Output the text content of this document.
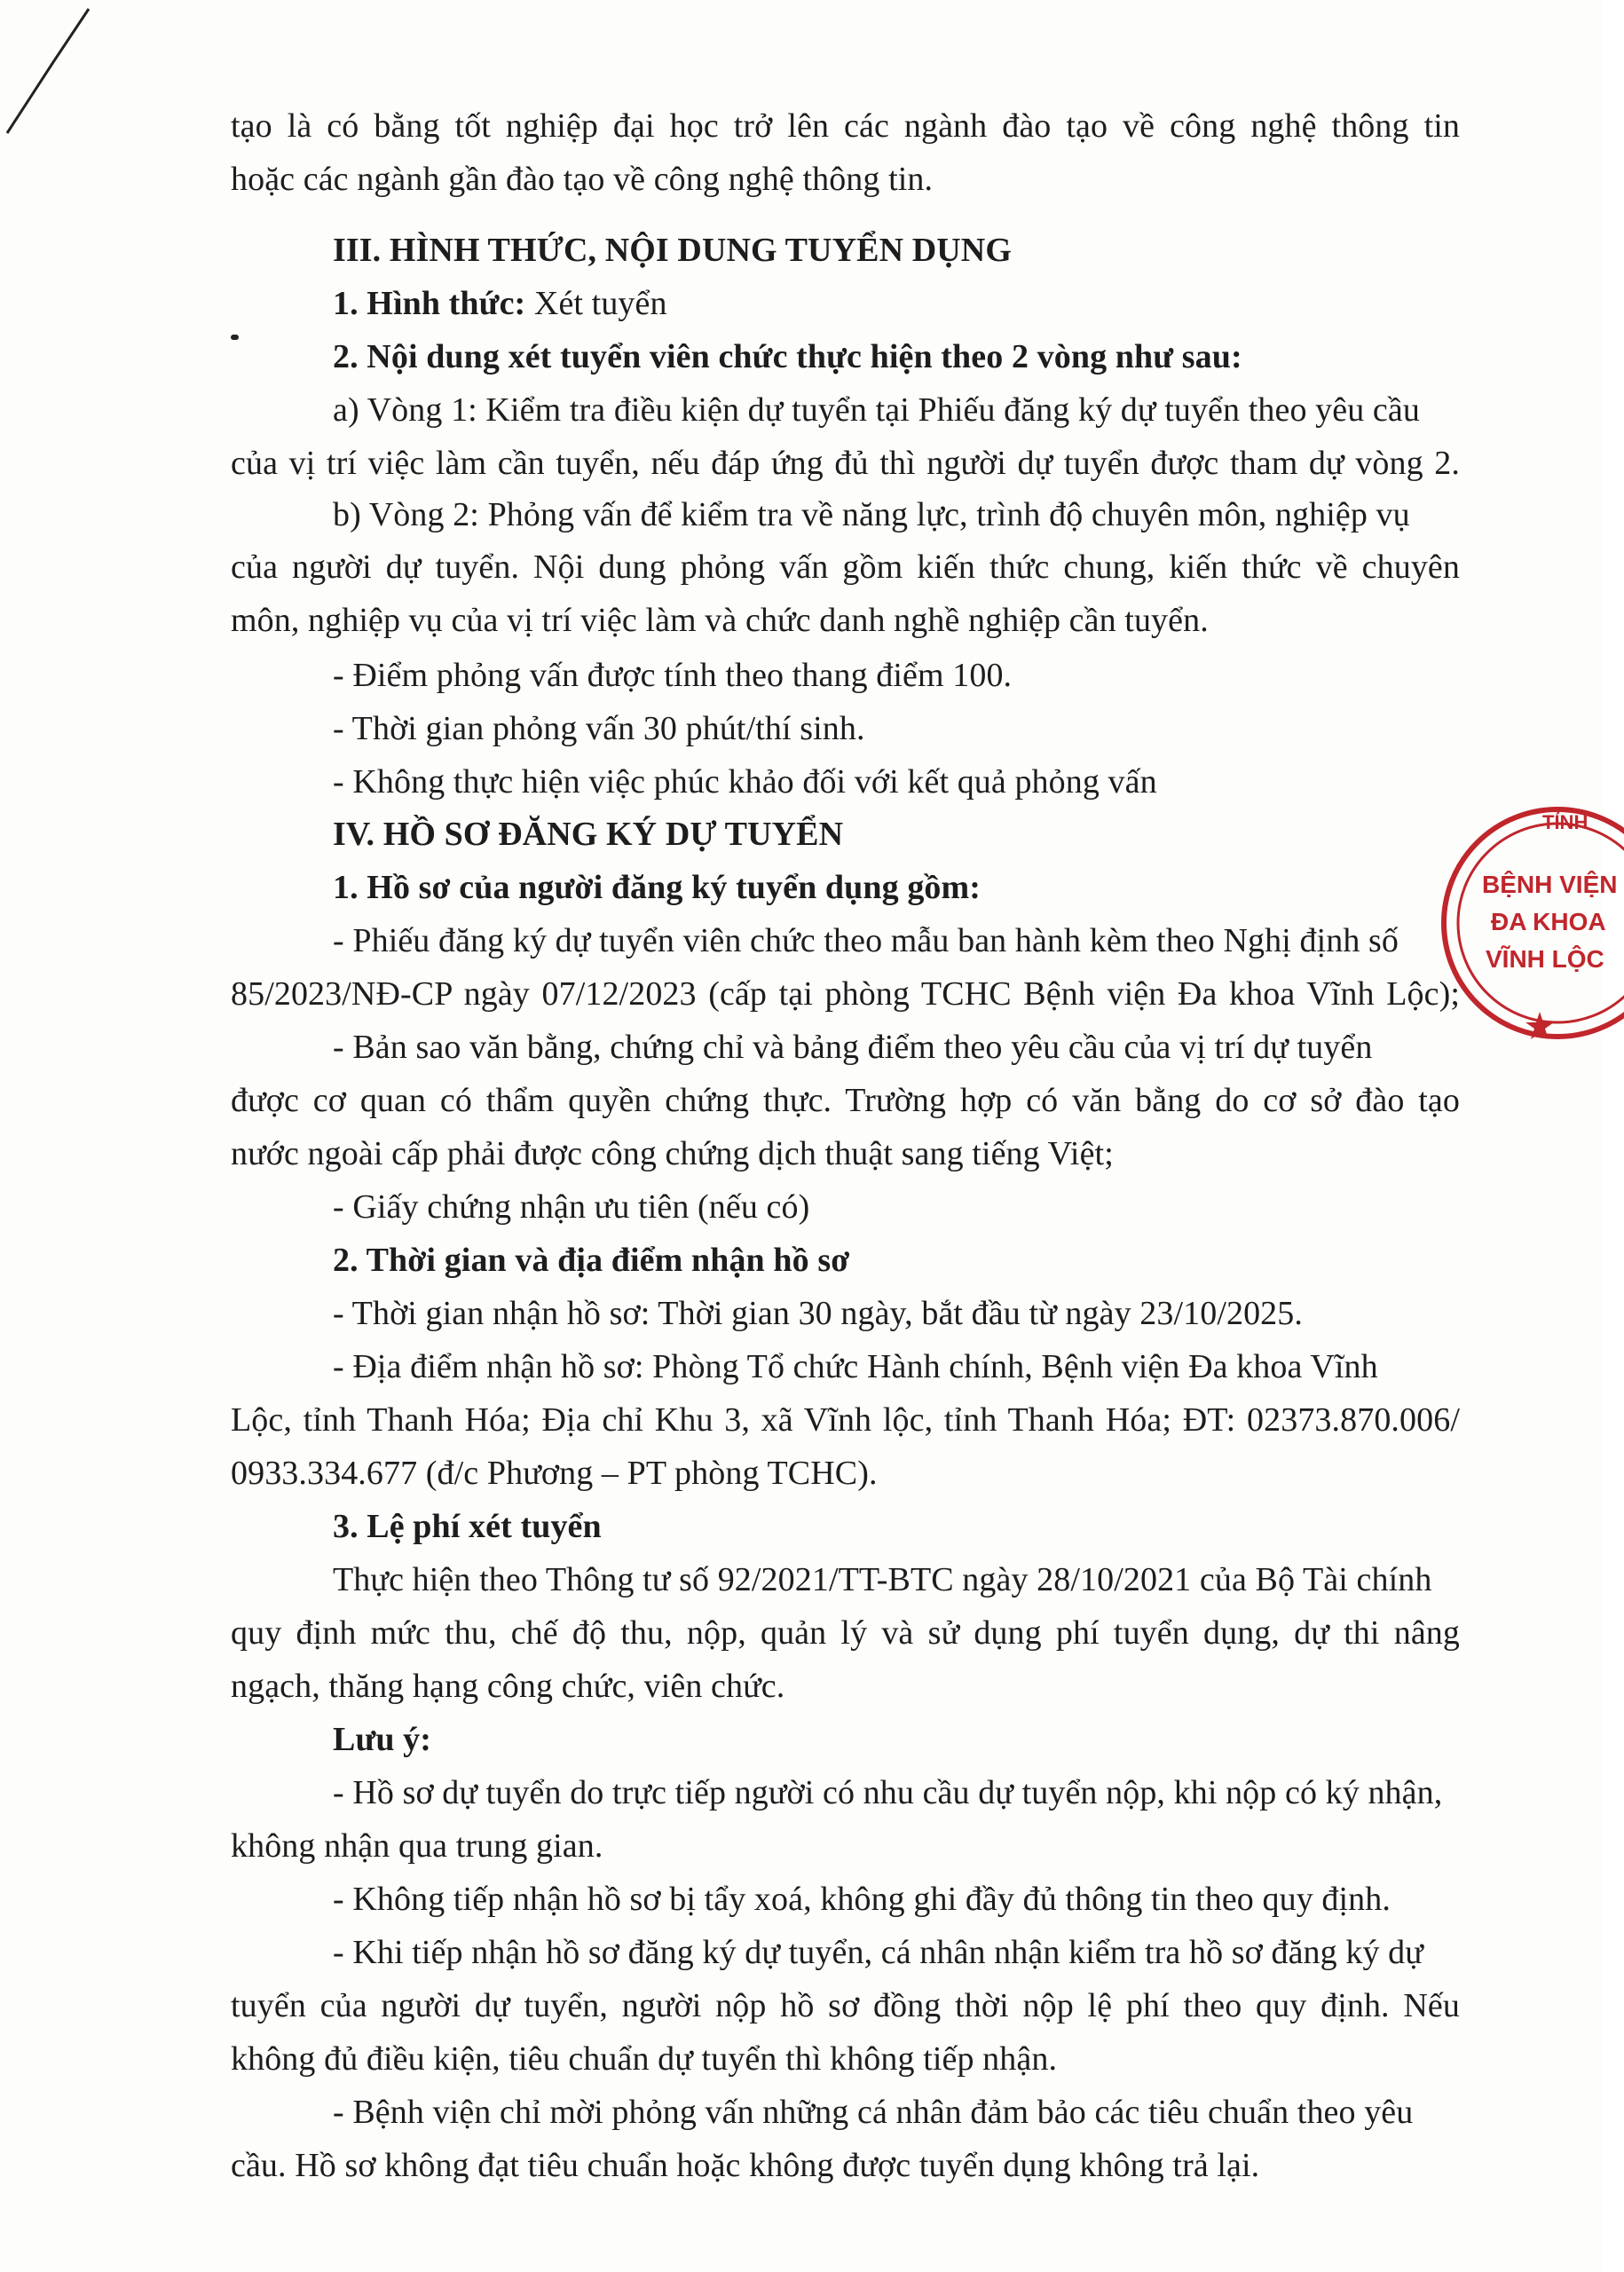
tạo là có bằng tốt nghiệp đại học trở lên các ngành đào tạo về công nghệ thông tin
hoặc các ngành gần đào tạo về công nghệ thông tin.
III. HÌNH THỨC, NỘI DUNG TUYỂN DỤNG
1. Hình thức: Xét tuyển
2. Nội dung xét tuyển viên chức thực hiện theo 2 vòng như sau:
a) Vòng 1: Kiểm tra điều kiện dự tuyển tại Phiếu đăng ký dự tuyển theo yêu cầu
của vị trí việc làm cần tuyển, nếu đáp ứng đủ thì người dự tuyển được tham dự vòng 2.
b) Vòng 2: Phỏng vấn để kiểm tra về năng lực, trình độ chuyên môn, nghiệp vụ
của người dự tuyển. Nội dung phỏng vấn gồm kiến thức chung, kiến thức về chuyên
môn, nghiệp vụ của vị trí việc làm và chức danh nghề nghiệp cần tuyển.
- Điểm phỏng vấn được tính theo thang điểm 100.
- Thời gian phỏng vấn 30 phút/thí sinh.
- Không thực hiện việc phúc khảo đối với kết quả phỏng vấn
IV. HỒ SƠ ĐĂNG KÝ DỰ TUYỂN
1. Hồ sơ của người đăng ký tuyển dụng gồm:
- Phiếu đăng ký dự tuyển viên chức theo mẫu ban hành kèm theo Nghị định số
85/2023/NĐ-CP ngày 07/12/2023 (cấp tại phòng TCHC Bệnh viện Đa khoa Vĩnh Lộc);
- Bản sao văn bằng, chứng chỉ và bảng điểm theo yêu cầu của vị trí dự tuyển
được cơ quan có thẩm quyền chứng thực. Trường hợp có văn bằng do cơ sở đào tạo
nước ngoài cấp phải được công chứng dịch thuật sang tiếng Việt;
- Giấy chứng nhận ưu tiên (nếu có)
2. Thời gian và địa điểm nhận hồ sơ
- Thời gian nhận hồ sơ: Thời gian 30 ngày, bắt đầu từ ngày 23/10/2025.
- Địa điểm nhận hồ sơ: Phòng Tổ chức Hành chính, Bệnh viện Đa khoa Vĩnh
Lộc, tỉnh Thanh Hóa; Địa chỉ Khu 3, xã Vĩnh lộc, tỉnh Thanh Hóa; ĐT: 02373.870.006/
0933.334.677 (đ/c Phương – PT phòng TCHC).
3. Lệ phí xét tuyển
Thực hiện theo Thông tư số 92/2021/TT-BTC ngày 28/10/2021 của Bộ Tài chính
quy định mức thu, chế độ thu, nộp, quản lý và sử dụng phí tuyển dụng, dự thi nâng
ngạch, thăng hạng công chức, viên chức.
Lưu ý:
- Hồ sơ dự tuyển do trực tiếp người có nhu cầu dự tuyển nộp, khi nộp có ký nhận,
không nhận qua trung gian.
- Không tiếp nhận hồ sơ bị tẩy xoá, không ghi đầy đủ thông tin theo quy định.
- Khi tiếp nhận hồ sơ đăng ký dự tuyển, cá nhân nhận kiểm tra hồ sơ đăng ký dự
tuyển của người dự tuyển, người nộp hồ sơ đồng thời nộp lệ phí theo quy định. Nếu
không đủ điều kiện, tiêu chuẩn dự tuyển thì không tiếp nhận.
- Bệnh viện chỉ mời phỏng vấn những cá nhân đảm bảo các tiêu chuẩn theo yêu
cầu. Hồ sơ không đạt tiêu chuẩn hoặc không được tuyển dụng không trả lại.
TỈNH
BỆNH VIỆN
ĐA KHOA
VĨNH LỘC
